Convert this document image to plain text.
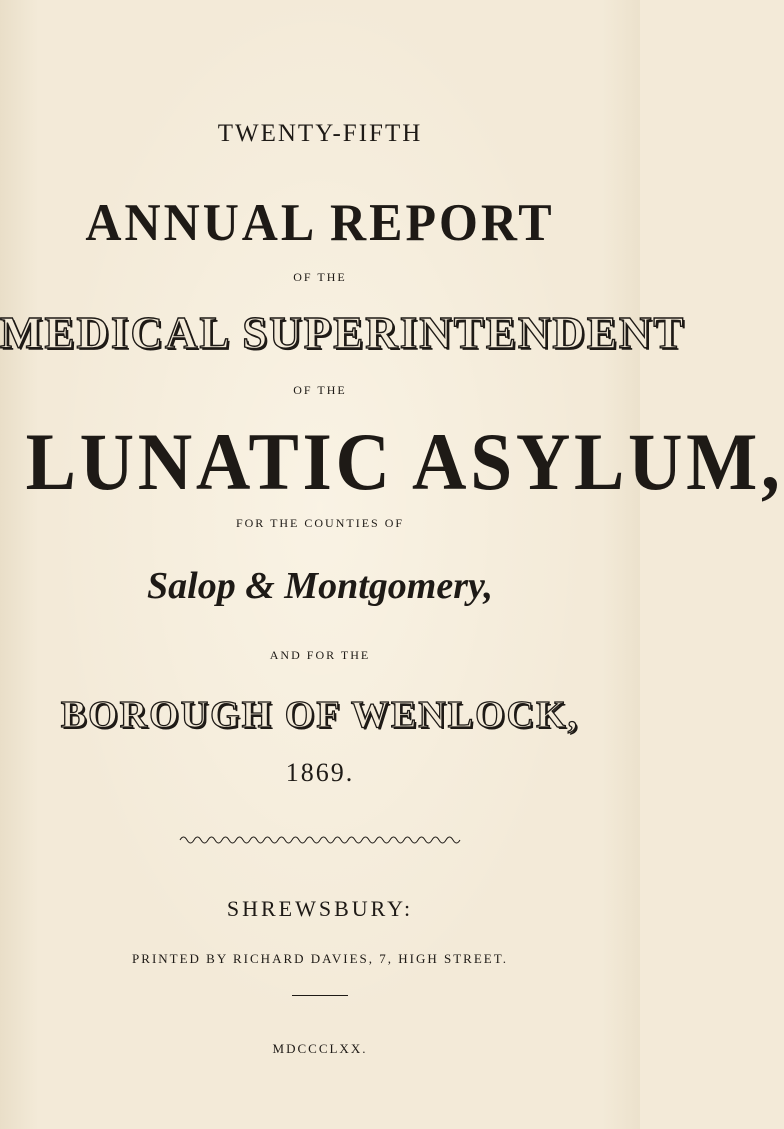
TWENTY-FIFTH
ANNUAL REPORT
OF THE
MEDICAL SUPERINTENDENT
OF THE
LUNATIC ASYLUM,
FOR THE COUNTIES OF
Salop & Montgomery,
AND FOR THE
BOROUGH OF WENLOCK,
1869.
SHREWSBURY:
PRINTED BY RICHARD DAVIES, 7, HIGH STREET.
MDCCCLXX.
